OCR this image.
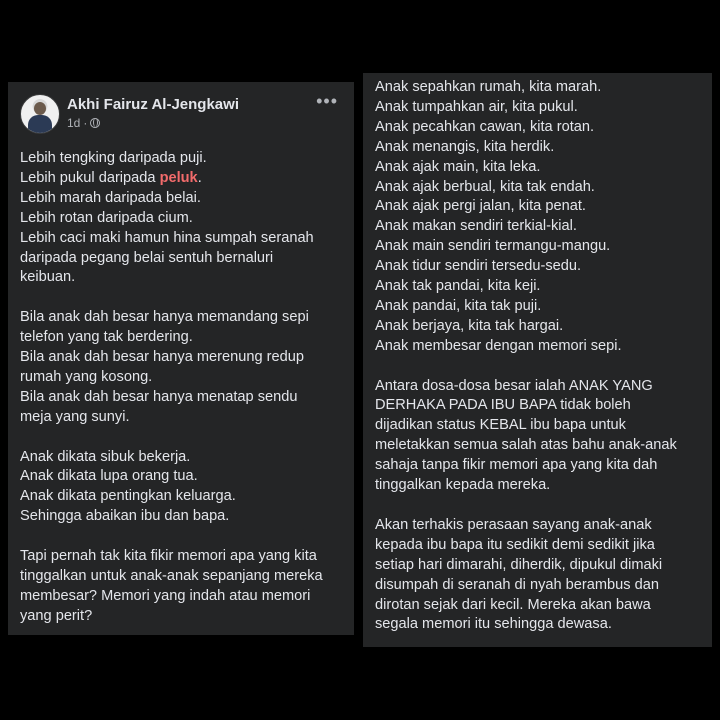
Akhi Fairuz Al-Jengkawi
1d ·
•••

Lebih tengking daripada puji.
Lebih pukul daripada peluk.
Lebih marah daripada belai.
Lebih rotan daripada cium.
Lebih caci maki hamun hina sumpah seranah
daripada pegang belai sentuh bernaluri
keibuan.

Bila anak dah besar hanya memandang sepi
telefon yang tak berdering.
Bila anak dah besar hanya merenung redup
rumah yang kosong.
Bila anak dah besar hanya menatap sendu
meja yang sunyi.

Anak dikata sibuk bekerja.
Anak dikata lupa orang tua.
Anak dikata pentingkan keluarga.
Sehingga abaikan ibu dan bapa.

Tapi pernah tak kita fikir memori apa yang kita
tinggalkan untuk anak-anak sepanjang mereka
membesar? Memori yang indah atau memori
yang perit?

Anak sepahkan rumah, kita marah.
Anak tumpahkan air, kita pukul.
Anak pecahkan cawan, kita rotan.
Anak menangis, kita herdik.
Anak ajak main, kita leka.
Anak ajak berbual, kita tak endah.
Anak ajak pergi jalan, kita penat.
Anak makan sendiri terkial-kial.
Anak main sendiri termangu-mangu.
Anak tidur sendiri tersedu-sedu.
Anak tak pandai, kita keji.
Anak pandai, kita tak puji.
Anak berjaya, kita tak hargai.
Anak membesar dengan memori sepi.

Antara dosa-dosa besar ialah ANAK YANG
DERHAKA PADA IBU BAPA tidak boleh
dijadikan status KEBAL ibu bapa untuk
meletakkan semua salah atas bahu anak-anak
sahaja tanpa fikir memori apa yang kita dah
tinggalkan kepada mereka.

Akan terhakis perasaan sayang anak-anak
kepada ibu bapa itu sedikit demi sedikit jika
setiap hari dimarahi, diherdik, dipukul dimaki
disumpah di seranah di nyah berambus dan
dirotan sejak dari kecil. Mereka akan bawa
segala memori itu sehingga dewasa.
